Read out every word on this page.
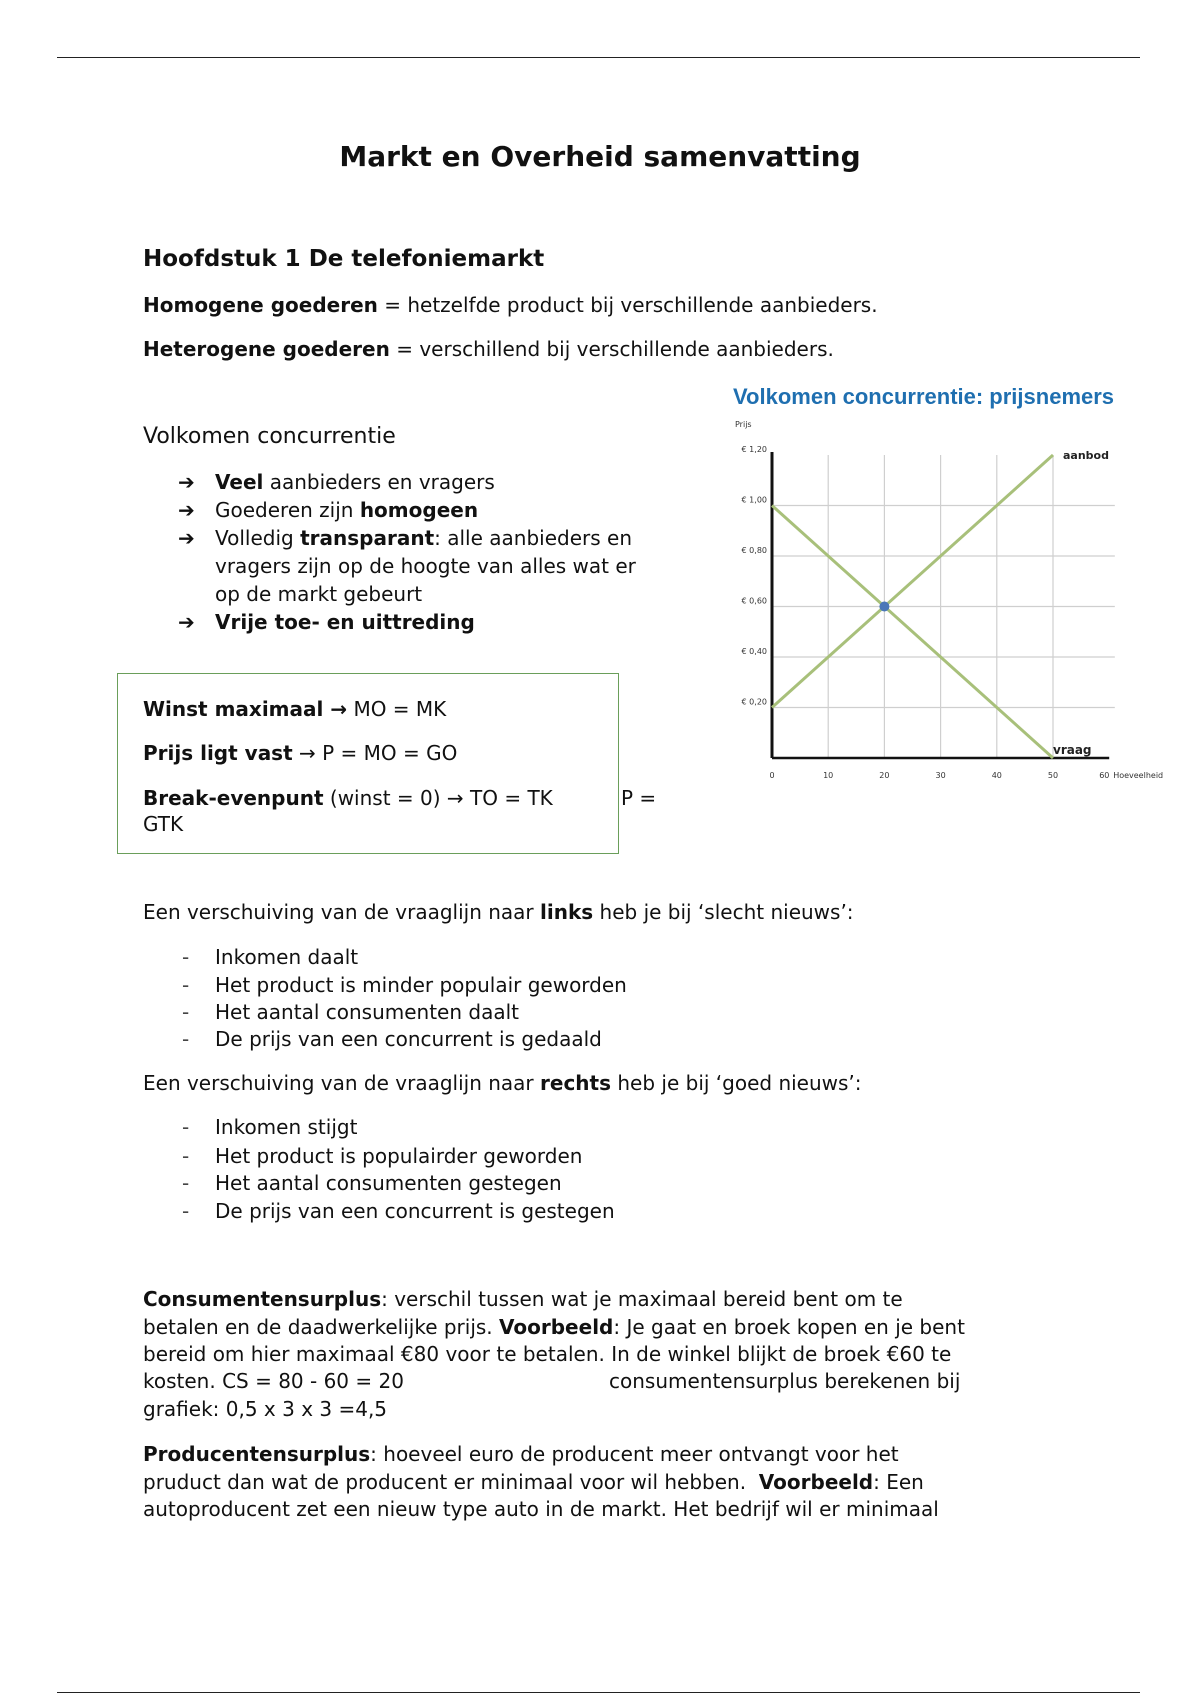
Markt en Overheid samenvatting
Hoofdstuk 1 De telefoniemarkt
Homogene goederen = hetzelfde product bij verschillende aanbieders.
Heterogene goederen = verschillend bij verschillende aanbieders.
Volkomen concurrentie
➔ Veel aanbieders en vragers
➔ Goederen zijn homogeen
➔ Volledig transparant: alle aanbieders en
vragers zijn op de hoogte van alles wat er
op de markt gebeurt
➔ Vrije toe- en uittreding
Winst maximaal → MO = MK
Prijs ligt vast → P = MO = GO
Break-evenpunt (winst = 0) → TO = TK	P =
GTK
Volkomen concurrentie: prijsnemers
aanbod
vraag
€ 0,20
€ 0,40
€ 0,60
€ 0,80
€ 1,00
€ 1,20
0	10	20	30	40	50	60 Hoeveelheid
Prijs
Een verschuiving van de vraaglijn naar links heb je bij ‘slecht nieuws’:
- Inkomen daalt
- Het product is minder populair geworden
- Het aantal consumenten daalt
- De prijs van een concurrent is gedaald
Een verschuiving van de vraaglijn naar rechts heb je bij ‘goed nieuws’:
- Inkomen stijgt
- Het product is populairder geworden
- Het aantal consumenten gestegen
- De prijs van een concurrent is gestegen
Consumentensurplus: verschil tussen wat je maximaal bereid bent om te
betalen en de daadwerkelijke prijs. Voorbeeld: Je gaat en broek kopen en je bent
bereid om hier maximaal €80 voor te betalen. In de winkel blijkt de broek €60 te
kosten. CS = 80 - 60 = 20	consumentensurplus berekenen bij
grafiek: 0,5 x 3 x 3 =4,5
Producentensurplus: hoeveel euro de producent meer ontvangt voor het
pruduct dan wat de producent er minimaal voor wil hebben.  Voorbeeld: Een
autoproducent zet een nieuw type auto in de markt. Het bedrijf wil er minimaal
